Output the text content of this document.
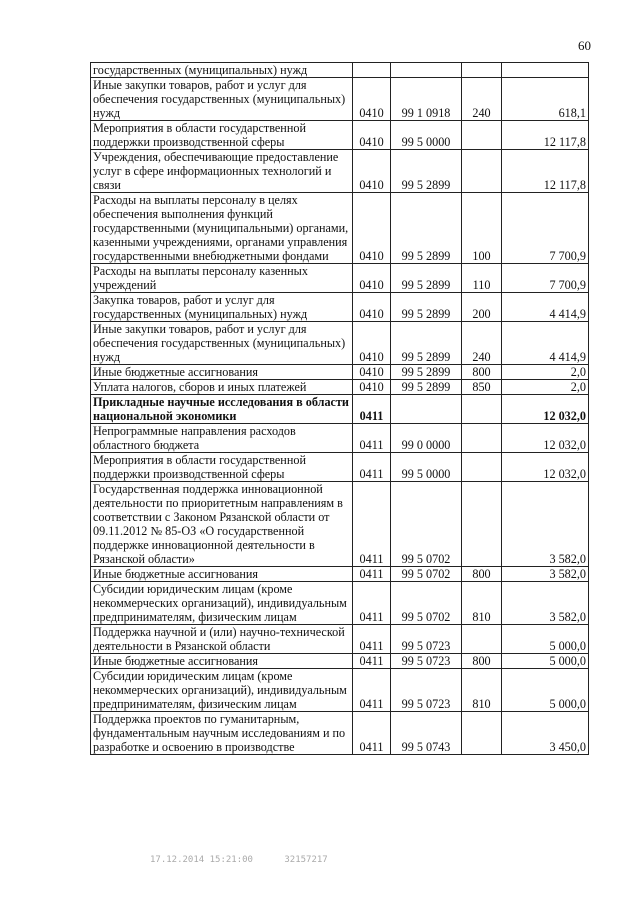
60
государственных (муниципальных) нужд				
Иные закупки товаров, работ и услуг для обеспечения государственных (муниципальных) нужд	0410	99 1 0918	240	618,1
Мероприятия в области государственной поддержки производственной сферы	0410	99 5 0000		12 117,8
Учреждения, обеспечивающие предоставление услуг в сфере информационных технологий и связи	0410	99 5 2899		12 117,8
Расходы на выплаты персоналу в целях обеспечения выполнения функций государственными (муниципальными) органами, казенными учреждениями, органами управления государственными внебюджетными фондами	0410	99 5 2899	100	7 700,9
Расходы на выплаты персоналу казенных учреждений	0410	99 5 2899	110	7 700,9
Закупка товаров, работ и услуг для государственных (муниципальных) нужд	0410	99 5 2899	200	4 414,9
Иные закупки товаров, работ и услуг для обеспечения государственных (муниципальных) нужд	0410	99 5 2899	240	4 414,9
Иные бюджетные ассигнования	0410	99 5 2899	800	2,0
Уплата налогов, сборов и иных платежей	0410	99 5 2899	850	2,0
Прикладные научные исследования в области национальной экономики	0411			12 032,0
Непрограммные направления расходов областного бюджета	0411	99 0 0000		12 032,0
Мероприятия в области государственной поддержки производственной сферы	0411	99 5 0000		12 032,0
Государственная поддержка инновационной деятельности по приоритетным направлениям в соответствии с Законом Рязанской области от 09.11.2012 № 85-ОЗ «О государственной поддержке инновационной деятельности в Рязанской области»	0411	99 5 0702		3 582,0
Иные бюджетные ассигнования	0411	99 5 0702	800	3 582,0
Субсидии юридическим лицам (кроме некоммерческих организаций), индивидуальным предпринимателям, физическим лицам	0411	99 5 0702	810	3 582,0
Поддержка научной и (или) научно-технической деятельности в Рязанской области	0411	99 5 0723		5 000,0
Иные бюджетные ассигнования	0411	99 5 0723	800	5 000,0
Субсидии юридическим лицам (кроме некоммерческих организаций), индивидуальным предпринимателям, физическим лицам	0411	99 5 0723	810	5 000,0
Поддержка проектов по гуманитарным, фундаментальным научным исследованиям и по разработке и освоению в производстве	0411	99 5 0743		3 450,0
17.12.2014 15:21:00	32157217
